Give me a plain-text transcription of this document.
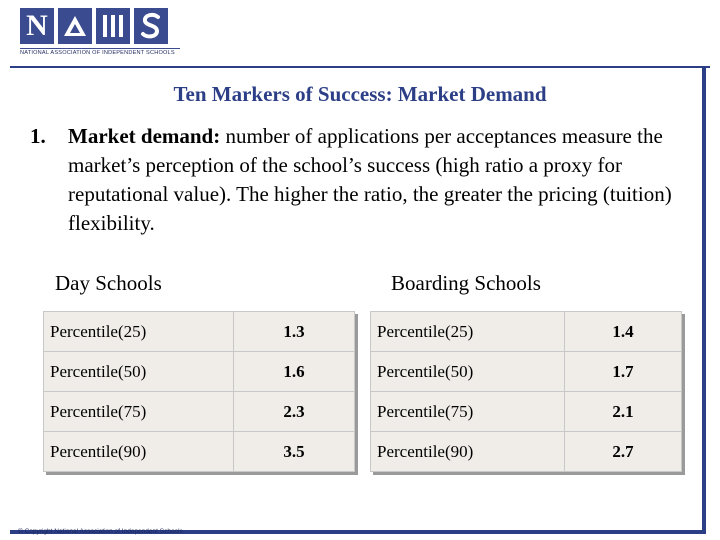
N
NATIONAL ASSOCIATION OF INDEPENDENT SCHOOLS
Ten Markers of Success: Market Demand
1. Market demand: number of applications per acceptances measure the market’s perception of the school’s success (high ratio a proxy for reputational value). The higher the ratio, the greater the pricing (tuition) flexibility.
Day Schools	Boarding Schools
Percentile(25)	1.3
Percentile(50)	1.6
Percentile(75)	2.3
Percentile(90)	3.5
Percentile(25)	1.4
Percentile(50)	1.7
Percentile(75)	2.1
Percentile(90)	2.7
© Copyright National Association of Independent Schools
